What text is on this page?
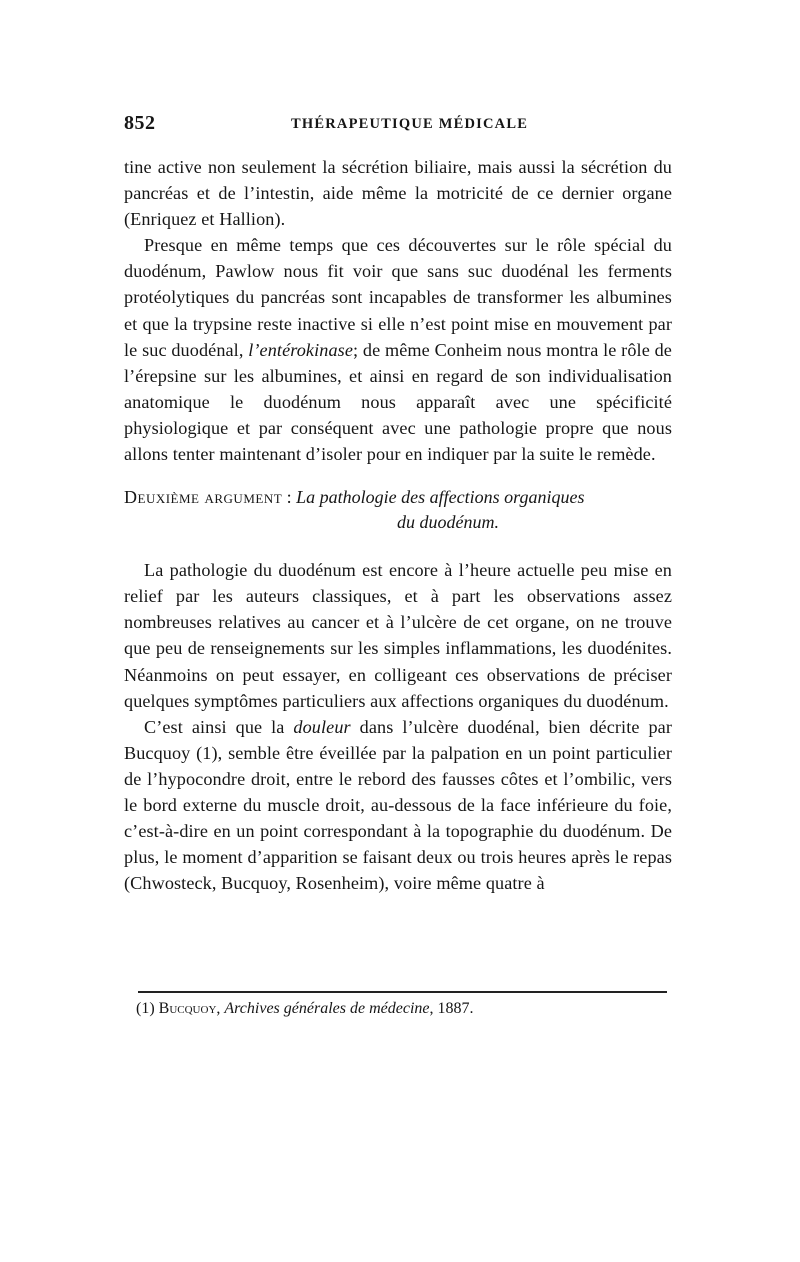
852	THÉRAPEUTIQUE MÉDICALE

tine active non seulement la sécrétion biliaire, mais aussi la sécrétion du pancréas et de l’intestin, aide même la motricité de ce dernier organe (Enriquez et Hallion).

Presque en même temps que ces découvertes sur le rôle spécial du duodénum, Pawlow nous fit voir que sans suc duodénal les ferments protéolytiques du pancréas sont incapables de transformer les albumines et que la trypsine reste inactive si elle n’est point mise en mouvement par le suc duodénal, l’entérokinase; de même Conheim nous montra le rôle de l’érepsine sur les albumines, et ainsi en regard de son individualisation anatomique le duodénum nous apparaît avec une spécificité physiologique et par conséquent avec une pathologie propre que nous allons tenter maintenant d’isoler pour en indiquer par la suite le remède.

Deuxième argument : La pathologie des affections organiques
du duodénum.

La pathologie du duodénum est encore à l’heure actuelle peu mise en relief par les auteurs classiques, et à part les observations assez nombreuses relatives au cancer et à l’ulcère de cet organe, on ne trouve que peu de renseignements sur les simples inflammations, les duodénites. Néanmoins on peut essayer, en colligeant ces observations de préciser quelques symptômes particuliers aux affections organiques du duodénum.

C’est ainsi que la douleur dans l’ulcère duodénal, bien décrite par Bucquoy (1), semble être éveillée par la palpation en un point particulier de l’hypocondre droit, entre le rebord des fausses côtes et l’ombilic, vers le bord externe du muscle droit, au-dessous de la face inférieure du foie, c’est-à-dire en un point correspondant à la topographie du duodénum. De plus, le moment d’apparition se faisant deux ou trois heures après le repas (Chwosteck, Bucquoy, Rosenheim), voire même quatre à

(1) Bucquoy, Archives générales de médecine, 1887.
